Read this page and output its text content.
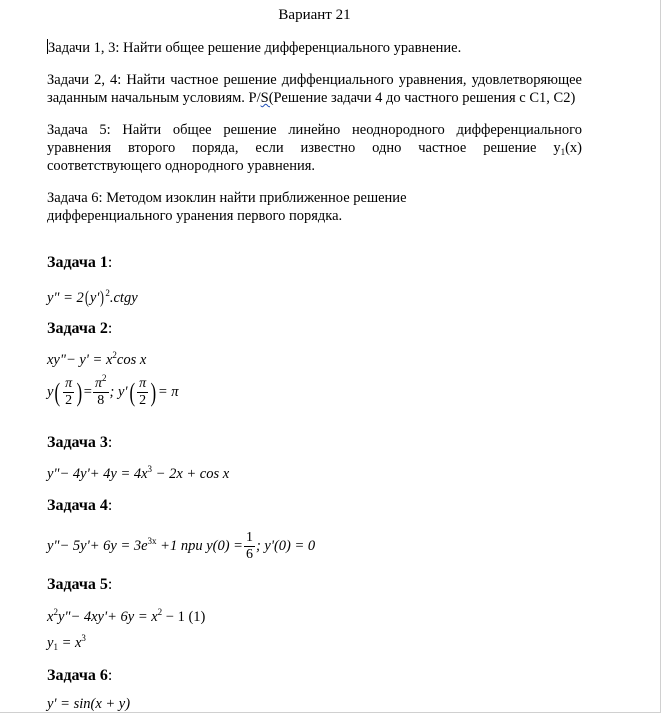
Вариант 21

Задачи 1, 3: Найти общее решение дифференциального уравнение.

Задачи 2, 4: Найти частное решение диффенциального уравнения, удовлетворяющее заданным начальным условиям. P/S(Решение задачи 4 до частного решения с С1, С2)

Задача 5: Найти общее решение линейно неоднородного дифференциального уравнения второго поряда, если известно одно частное решение $y_1(x)$ соответствующего однородного уравнения.

Задача 6: Методом изоклин найти приближенное решение
дифференциального уранения первого порядка.

Задача 1:
y" = $2(y')^2.ctgy$
Задача 2:
xy"− $y' = x^2\cos$ x
$y( \frac{\pi}{2}$ ) = $\frac{\pi^2}{8}$ ; $y'( \frac{\pi}{2}$ ) = π
Задача 3:
y"− $4y'+ 4y = 4x^3 - 2x + \cos x$
Задача 4:
y"− $5y'+ 6y = 3e^{3x} +1$ при $y(0) = \frac{1}{6}$ ; y'(0) = 0
Задача 5:
$x^2y"- 4xy'+ 6y = x^2 - 1$ (1)
$y_1 = x^3$
Задача 6:
y' = sin(x + y)
